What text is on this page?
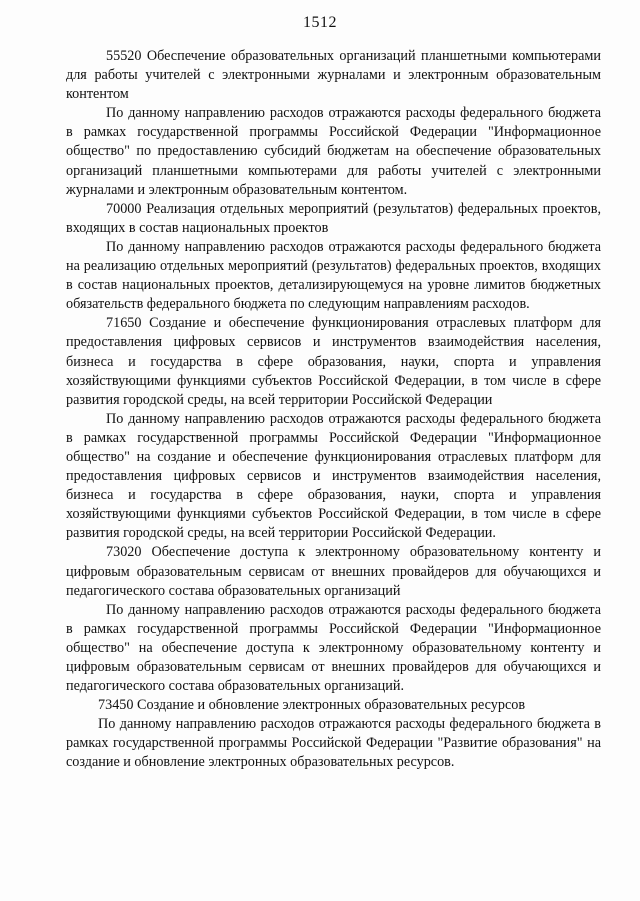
1512

55520 Обеспечение образовательных организаций планшетными компьютерами для работы учителей с электронными журналами и электронным образовательным контентом

По данному направлению расходов отражаются расходы федерального бюджета в рамках государственной программы Российской Федерации "Информационное общество" по предоставлению субсидий бюджетам на обеспечение образовательных организаций планшетными компьютерами для работы учителей с электронными журналами и электронным образовательным контентом.

70000 Реализация отдельных мероприятий (результатов) федеральных проектов, входящих в состав национальных проектов

По данному направлению расходов отражаются расходы федерального бюджета на реализацию отдельных мероприятий (результатов) федеральных проектов, входящих в состав национальных проектов, детализирующемуся на уровне лимитов бюджетных обязательств федерального бюджета по следующим направлениям расходов.

71650 Создание и обеспечение функционирования отраслевых платформ для предоставления цифровых сервисов и инструментов взаимодействия населения, бизнеса и государства в сфере образования, науки, спорта и управления хозяйствующими функциями субъектов Российской Федерации, в том числе в сфере развития городской среды, на всей территории Российской Федерации

По данному направлению расходов отражаются расходы федерального бюджета в рамках государственной программы Российской Федерации "Информационное общество" на создание и обеспечение функционирования отраслевых платформ для предоставления цифровых сервисов и инструментов взаимодействия населения, бизнеса и государства в сфере образования, науки, спорта и управления хозяйствующими функциями субъектов Российской Федерации, в том числе в сфере развития городской среды, на всей территории Российской Федерации.

73020 Обеспечение доступа к электронному образовательному контенту и цифровым образовательным сервисам от внешних провайдеров для обучающихся и педагогического состава образовательных организаций

По данному направлению расходов отражаются расходы федерального бюджета в рамках государственной программы Российской Федерации "Информационное общество" на обеспечение доступа к электронному образовательному контенту и цифровым образовательным сервисам от внешних провайдеров для обучающихся и педагогического состава образовательных организаций.

73450 Создание и обновление электронных образовательных ресурсов

По данному направлению расходов отражаются расходы федерального бюджета в рамках государственной программы Российской Федерации "Развитие образования" на создание и обновление электронных образовательных ресурсов.
